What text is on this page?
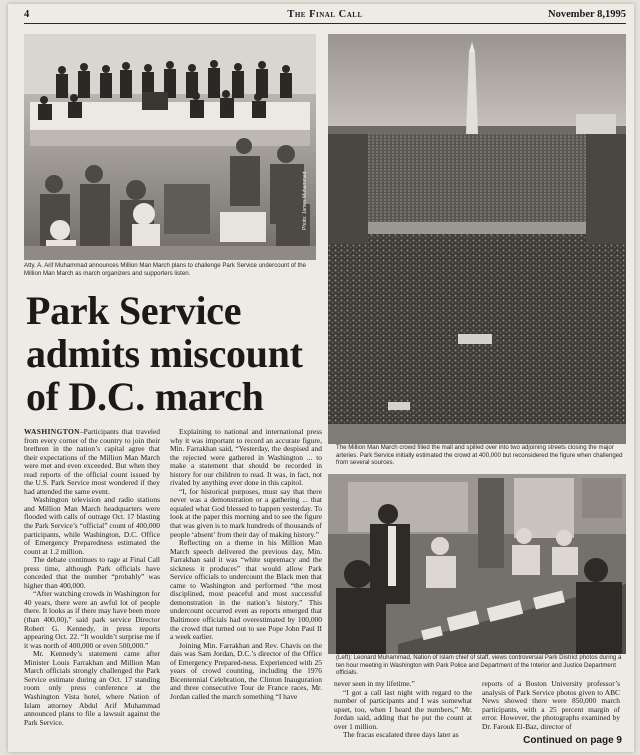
4	The Final Call	November 8,1995
Photo: James Muhammad
Atty. A. Arif Muhammad announces Million Man March plans to challenge Park Service undercount of the Million Man March as march organizers and supporters listen.
The Million Man March crowd filled the mall and spilled over into two adjoining streets closing the major arteries. Park Service initially estimated the crowd at 400,000 but reconsidered the figure when challenged from several sources.
Park Service admits miscount of D.C. march

WASHINGTON–Participants that traveled from every corner of the country to join their brethren in the nation’s capital agree that their expectations of the Million Man March were met and even exceeded. But when they read reports of the official count issued by the U.S. Park Service most wondered if they had attended the same event.

Washington television and radio stations and Million Man March headquarters were flooded with calls of outrage Oct. 17 blasting the Park Service’s “official” count of 400,000 participants, while Washington, D.C. Office of Emergency Preparedness estimated the count at 1.2 million.

The debate continues to rage at Final Call press time, although Park officials have conceded that the number “probably” was higher than 400,000.

“After watching crowds in Washington for 40 years, there were an awful lot of people there. It looks as if there may have been more (than 400,00),” said park service Director Robert G. Kennedy, in press reports appearing Oct. 22. “It wouldn’t surprise me if it was north of 400,000 or even 500,000.”

Mr. Kennedy’s statement came after Minister Louis Farrakhan and Million Man March officials strongly challenged the Park Service estimate during an Oct. 17 standing room only press conference at the Washington Vista hotel, where Nation of Islam attorney Abdul Arif Muhammad announced plans to file a lawsuit against the Park Service.

Explaining to national and international press why it was important to record an accurate figure, Min. Farrakhan said, “Yesterday, the despised and the rejected were gathered in Washington ... to make a statement that should be recorded in history for our children to read. It was, in fact, not rivaled by anything ever done in this capitol.

“I, for historical purposes, must say that there never was a demonstration or a gathering ... that equaled what God blessed to happen yesterday. To look at the paper this morning and to see the figure that was given is to mark hundreds of thousands of people ‘absent’ from their day of making history.”

Reflecting on a theme in his Million Man March speech delivered the previous day, Min. Farrakhan said it was “white supremacy and the sickness it produces” that would allow Park Service officials to undercount the Black men that came to Washington and performed “the most disciplined, most peaceful and most successful demonstration in the nation’s history.” This undercount occurred even as reports emerged that Baltimore officials had overestimated by 100,000 the crowd that turned out to see Pope John Paul II a week earlier.

Joining Min. Farrakhan and Rev. Chavis on the dais was Sam Jordan, D.C.’s director of the Office of Emergency Prepared-ness. Experienced with 25 years of crowd counting, including the 1976 Bicentennial Celebration, the Clinton Inauguration and three consecutive Tour de France races, Mr. Jordan called the march something “I have

(Left): Leonard Muhammad, Nation of Islam chief of staff, views controversial Park District photos during a ten hour meeting in Washington with Park Police and Department of the Interior and Justice Department officials.

never seen in my lifetime.”

“I got a call last night with regard to the number of participants and I was somewhat upset, too, when I heard the numbers,” Mr. Jordan said, adding that he put the count at over 1 million.

The fracas escalated three days later as

reports of a Boston University professor’s analysis of Park Service photos given to ABC News showed there were 850,000 march participants, with a 25 percent margin of error. However, the photographs examined by Dr. Farouk El-Baz, director of

Continued on page 9
